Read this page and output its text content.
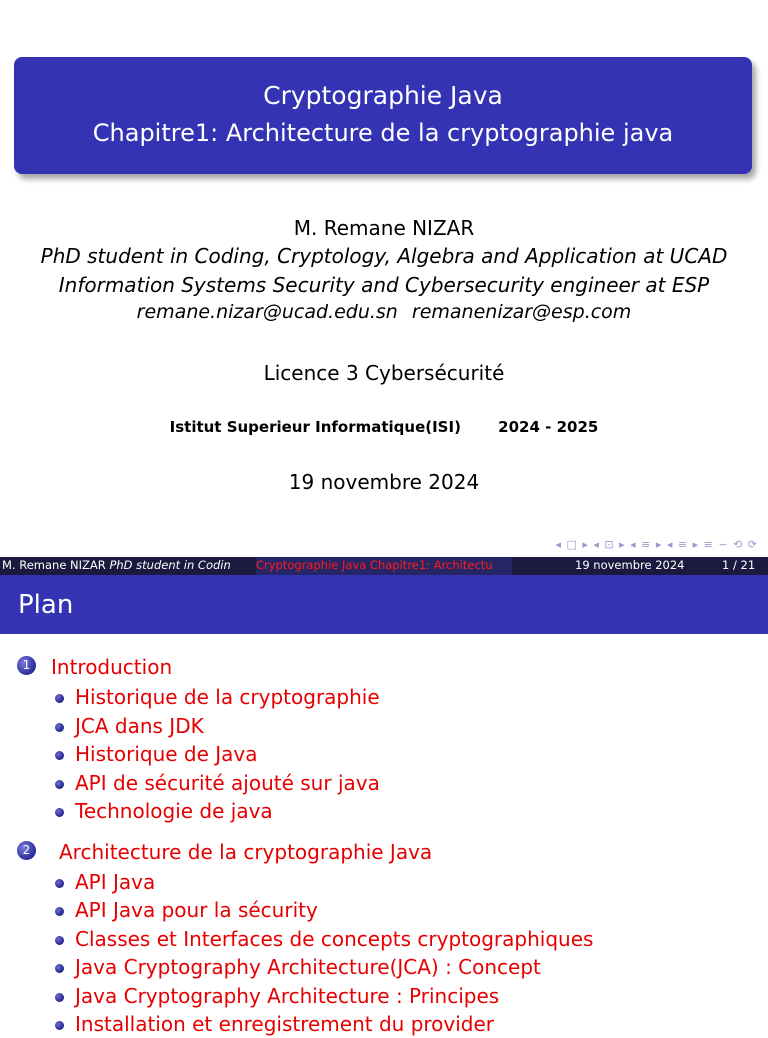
Cryptographie Java
Chapitre1: Architecture de la cryptographie java
M. Remane NIZAR
PhD student in Coding, Cryptology, Algebra and Application at UCAD
Information Systems Security and Cybersecurity engineer at ESP
remane.nizar@ucad.edu.sn remanenizar@esp.com
Licence 3 Cybersécurité
Istitut Superieur Informatique(ISI) 2024 - 2025
19 novembre 2024
◂ □ ▸ ◂ ⊡ ▸ ◂ ≡ ▸ ◂ ≡ ▸ ≡ ∽ ⟲ ⟳
M. Remane NIZAR PhD student in Codin	Cryptographie Java Chapitre1: Architectu	19 novembre 2024	1 / 21
Plan
1 Introduction
Historique de la cryptographie
JCA dans JDK
Historique de Java
API de sécurité ajouté sur java
Technologie de java
2 Architecture de la cryptographie Java
API Java
API Java pour la sécurity
Classes et Interfaces de concepts cryptographiques
Java Cryptography Architecture(JCA) : Concept
Java Cryptography Architecture : Principes
Installation et enregistrement du provider
